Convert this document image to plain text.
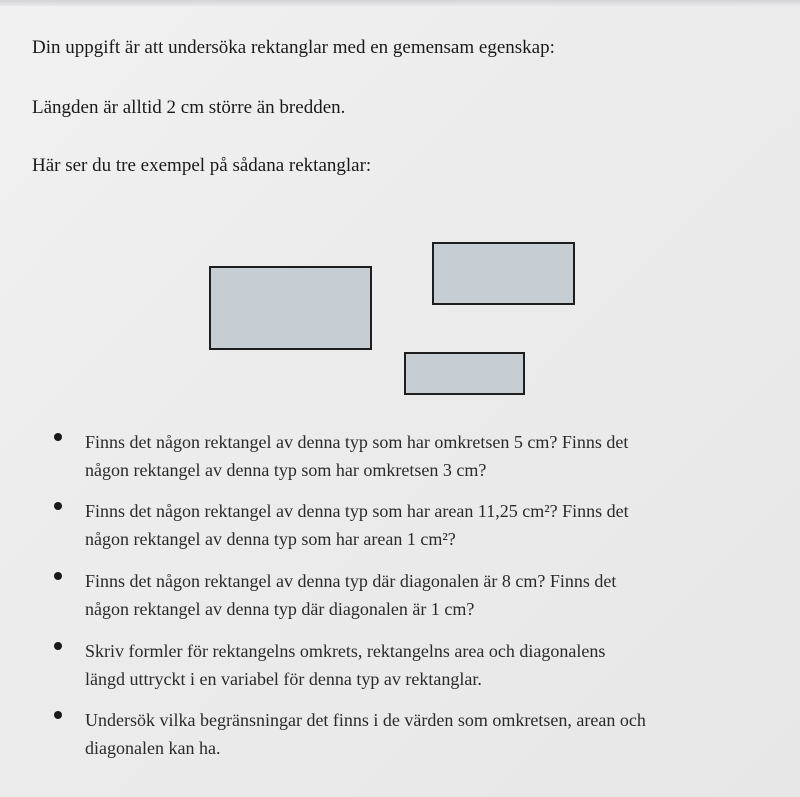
Din uppgift är att undersöka rektanglar med en gemensam egenskap:

Längden är alltid 2 cm större än bredden.

Här ser du tre exempel på sådana rektanglar:

Finns det någon rektangel av denna typ som har omkretsen 5 cm? Finns det
någon rektangel av denna typ som har omkretsen 3 cm?
Finns det någon rektangel av denna typ som har arean 11,25 cm²? Finns det
någon rektangel av denna typ som har arean 1 cm²?
Finns det någon rektangel av denna typ där diagonalen är 8 cm? Finns det
någon rektangel av denna typ där diagonalen är 1 cm?
Skriv formler för rektangelns omkrets, rektangelns area och diagonalens
längd uttryckt i en variabel för denna typ av rektanglar.
Undersök vilka begränsningar det finns i de värden som omkretsen, arean och
diagonalen kan ha.
